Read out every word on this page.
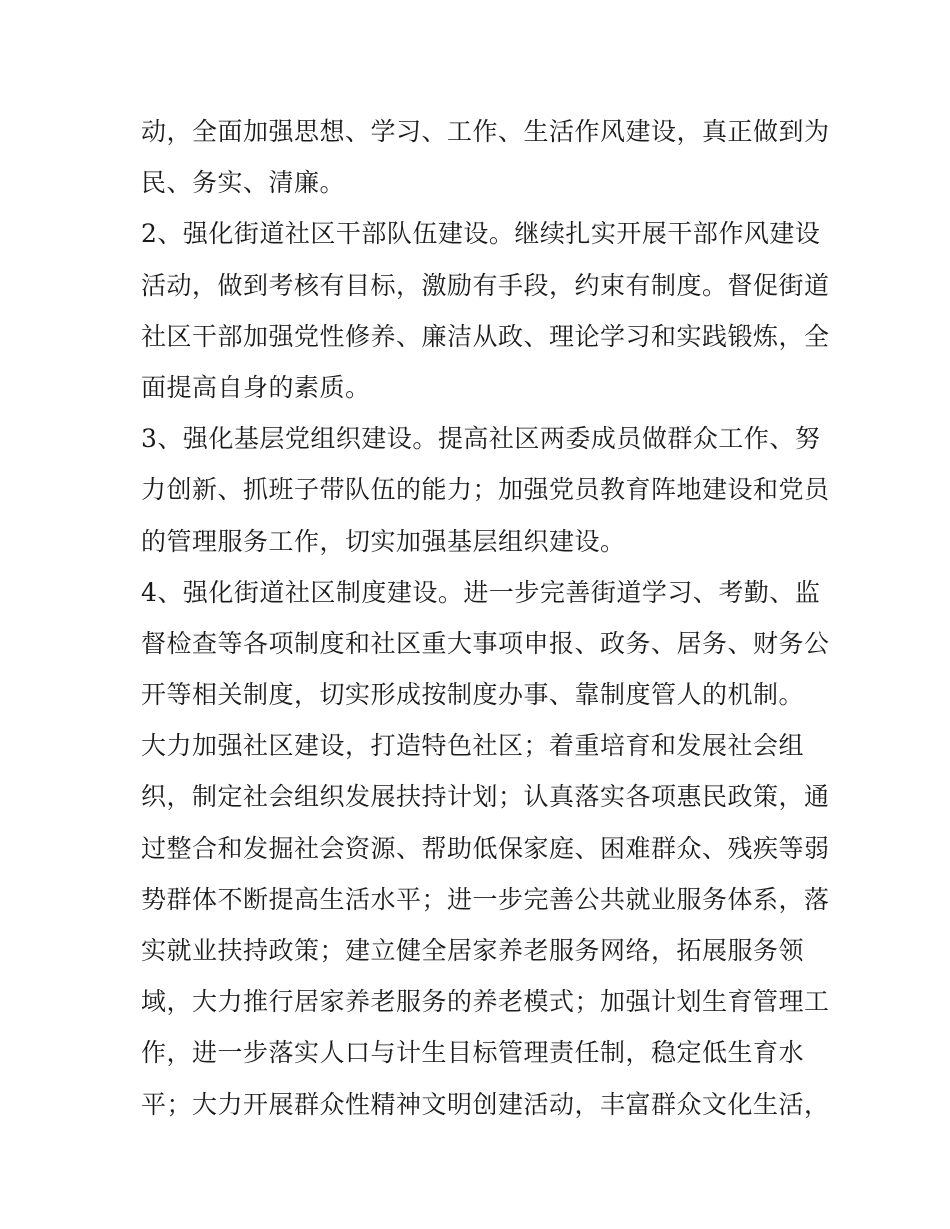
动，全面加强思想、学习、工作、生活作风建设，真正做到为
民、务实、清廉。
2、强化街道社区干部队伍建设。继续扎实开展干部作风建设
活动，做到考核有目标，激励有手段，约束有制度。督促街道
社区干部加强党性修养、廉洁从政、理论学习和实践锻炼，全
面提高自身的素质。
3、强化基层党组织建设。提高社区两委成员做群众工作、努
力创新、抓班子带队伍的能力；加强党员教育阵地建设和党员
的管理服务工作，切实加强基层组织建设。
4、强化街道社区制度建设。进一步完善街道学习、考勤、监
督检查等各项制度和社区重大事项申报、政务、居务、财务公
开等相关制度，切实形成按制度办事、靠制度管人的机制。
大力加强社区建设，打造特色社区；着重培育和发展社会组
织，制定社会组织发展扶持计划；认真落实各项惠民政策，通
过整合和发掘社会资源、帮助低保家庭、困难群众、残疾等弱
势群体不断提高生活水平；进一步完善公共就业服务体系，落
实就业扶持政策；建立健全居家养老服务网络，拓展服务领
域，大力推行居家养老服务的养老模式；加强计划生育管理工
作，进一步落实人口与计生目标管理责任制，稳定低生育水
平；大力开展群众性精神文明创建活动，丰富群众文化生活，
